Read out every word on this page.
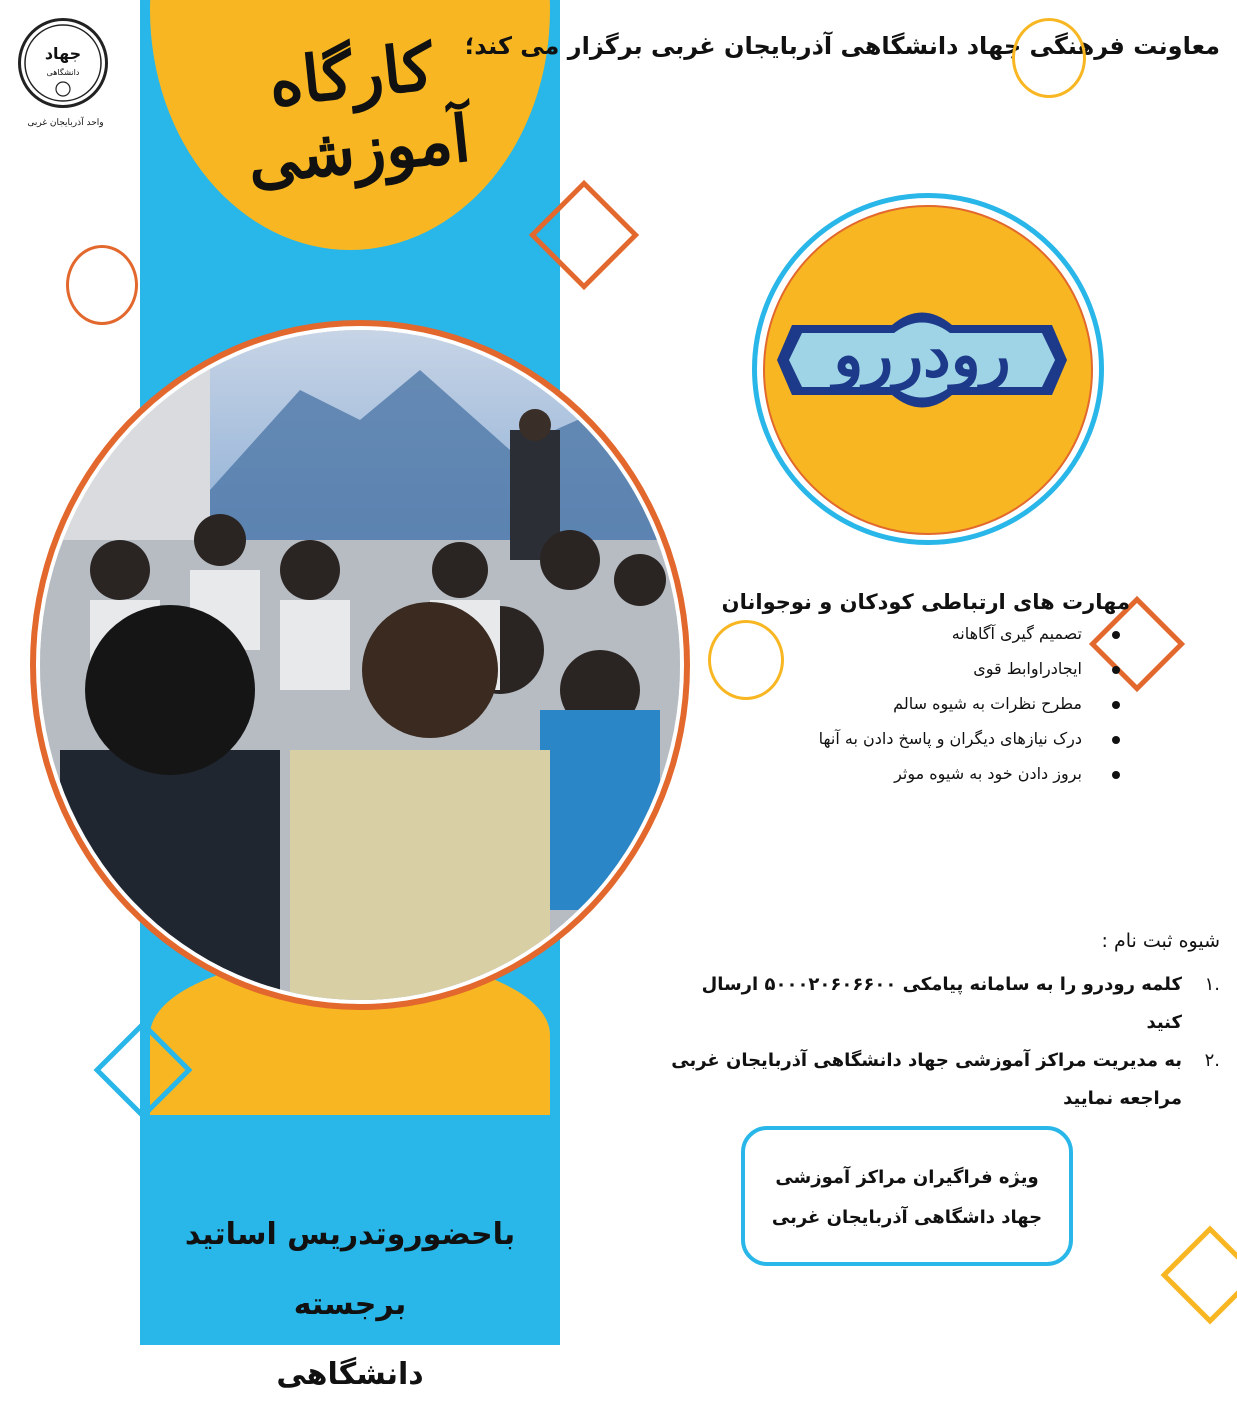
کارگاه آموزشی
باحضوروتدریس اساتید برجسته
دانشگاهی
جهاد
دانشگاهی
واحد آذربایجان غربی
معاونت فرهنگی جهاد دانشگاهی آذربایجان غربی برگزار می کند؛
رودررو
مهارت های ارتباطی کودکان و نوجوانان
تصمیم گیری آگاهانه
ایجادراوابط قوی
مطرح نظرات به شیوه سالم
درک نیازهای دیگران و پاسخ دادن به آنها
بروز دادن خود به شیوه موثر
شیوه ثبت نام :
.۱
کلمه رودرو را به سامانه پیامکی ۵۰۰۰۲۰۶۰۶۶۰۰ ارسال کنید
.۲
به مدیریت مراکز آموزشی جهاد دانشگاهی آذربایجان غربی مراجعه نمایید
ویژه فراگیران مراکز آموزشی
جهاد داشگاهی آذربایجان غربی
